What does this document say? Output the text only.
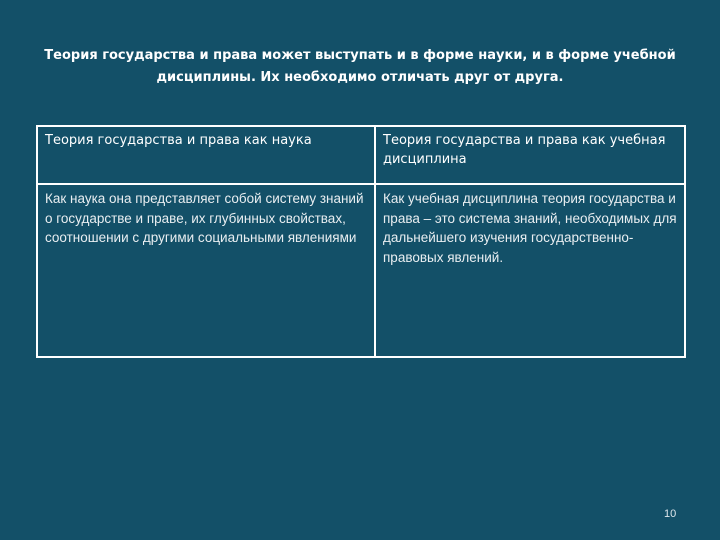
Теория государства и права может выступать и в форме науки, и в форме учебной
дисциплины. Их необходимо отличать друг от друга.
Теория государства и права как наука	Теория государства и права как учебная дисциплина
Как наука она представляет собой системy знаний о государстве и праве, их глубинных свойствах, соотношении с другими социальными явлениями	Как учебная дисциплина теория государства и права – это система знаний, необходимых для дальнейшего изучения государственно- правовых явлений.
10
